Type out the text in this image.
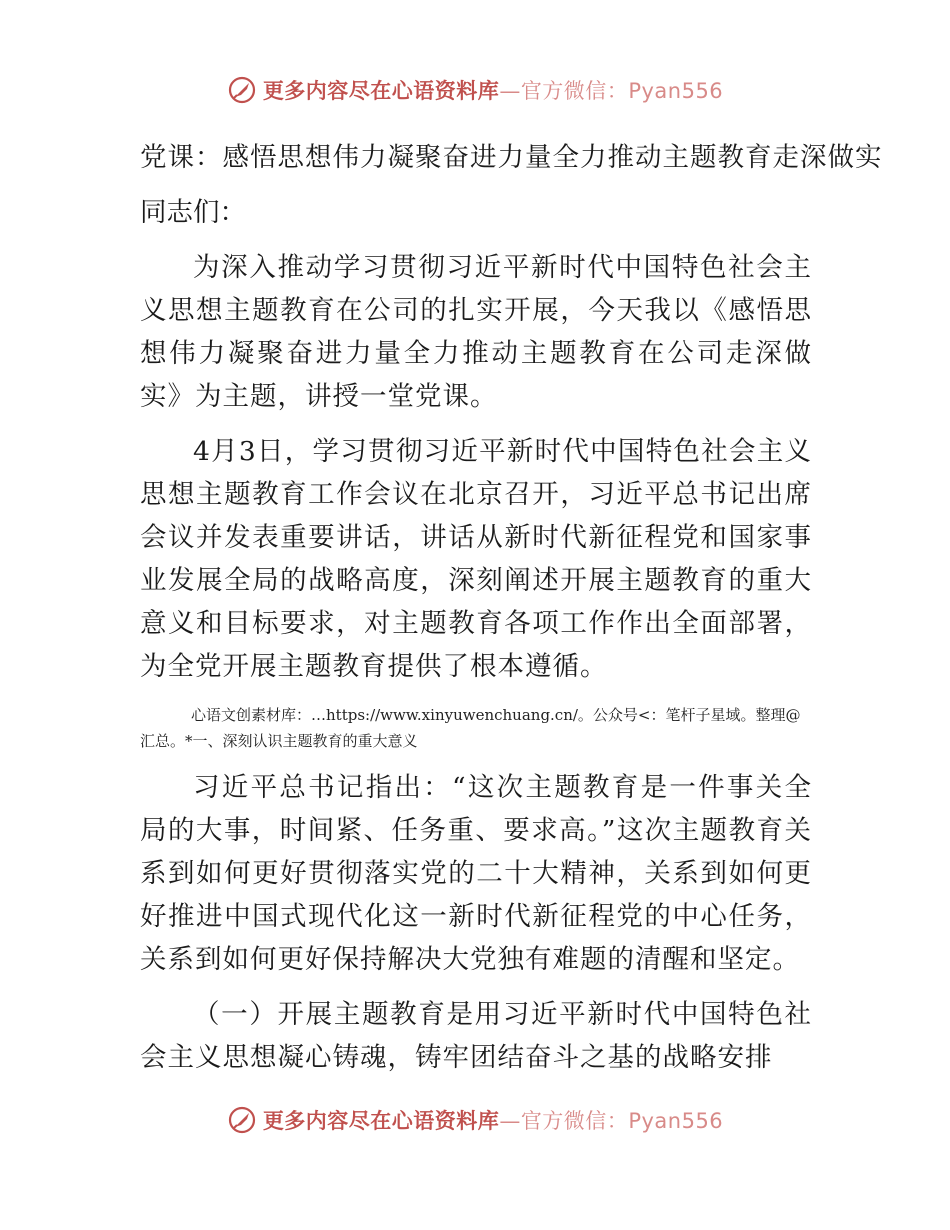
更多内容尽在心语资料库—官方微信：Pyan556

党课：感悟思想伟力凝聚奋进力量全力推动主题教育走深做实

同志们：

为深入推动学习贯彻习近平新时代中国特色社会主义思想主题教育在公司的扎实开展，今天我以《感悟思想伟力凝聚奋进力量全力推动主题教育在公司走深做实》为主题，讲授一堂党课。

4月3日，学习贯彻习近平新时代中国特色社会主义思想主题教育工作会议在北京召开，习近平总书记出席会议并发表重要讲话，讲话从新时代新征程党和国家事业发展全局的战略高度，深刻阐述开展主题教育的重大意义和目标要求，对主题教育各项工作作出全面部署，为全党开展主题教育提供了根本遵循。

心语文创素材库：…https://www.xinyuwenchuang.cn/。公众号<：笔杆子星域。整理@汇总。*一、深刻认识主题教育的重大意义

习近平总书记指出：“这次主题教育是一件事关全局的大事，时间紧、任务重、要求高。”这次主题教育关系到如何更好贯彻落实党的二十大精神，关系到如何更好推进中国式现代化这一新时代新征程党的中心任务，关系到如何更好保持解决大党独有难题的清醒和坚定。

（一）开展主题教育是用习近平新时代中国特色社会主义思想凝心铸魂，铸牢团结奋斗之基的战略安排

更多内容尽在心语资料库—官方微信：Pyan556
